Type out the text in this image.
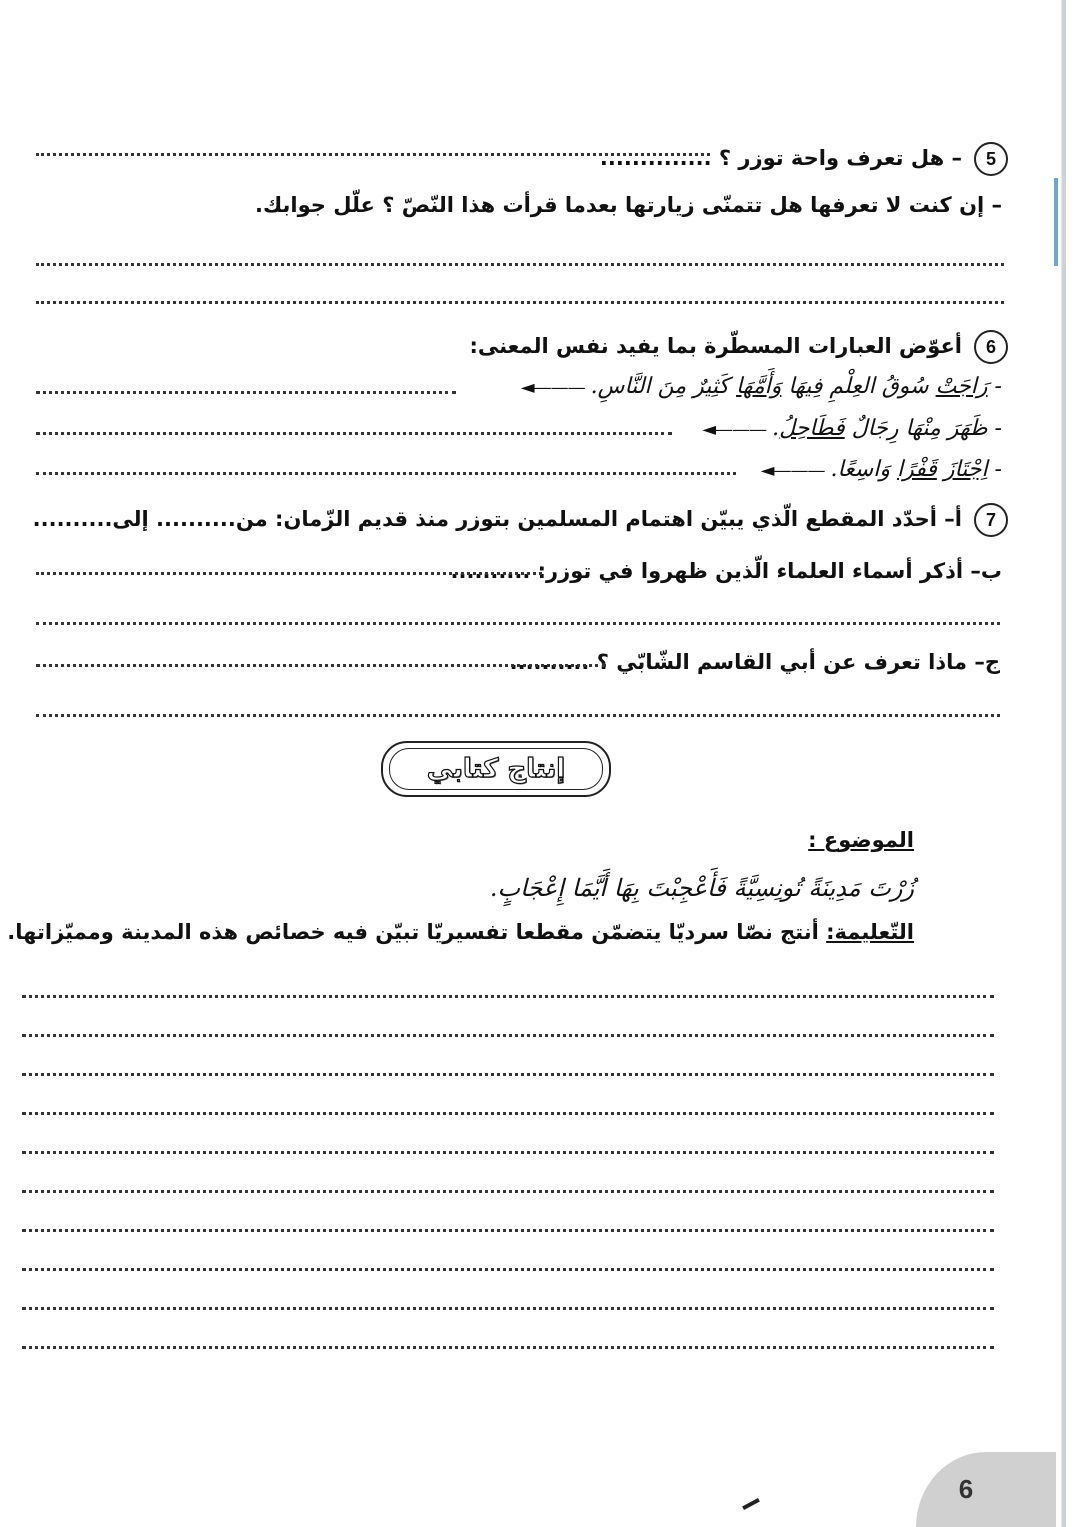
5– هل تعرف واحة توزر ؟ ..............
– إن كنت لا تعرفها هل تتمنّى زيارتها بعدما قرأت هذا النّصّ ؟ علّل جوابك.
6أعوّض العبارات المسطّرة بما يفيد نفس المعنى:
- رَاجَتْ سُوقُ العِلْمِ فِيهَا وَأَمَّهَا كَثِيرٌ مِنَ النَّاسِ.◄———
- ظَهَرَ مِنْهَا رِجَالٌ فَطَاحِلُ.◄———
- اِجْتَازَ قَفْرًا وَاسِعًا.◄———
7أ– أحدّد المقطع الّذي يبيّن اهتمام المسلمين بتوزر منذ قديم الزّمان: من.......... إلى..........
ب– أذكر أسماء العلماء الّذين ظهروا في توزر: ..........
ج– ماذا تعرف عن أبي القاسم الشّابّي ؟ ..........
إنتاج كتابي
الموضوع :
زُرْتَ مَدِينَةً تُونِسِيَّةً فَأَعْجِبْتَ بِهَا أَيَّمَا إِعْجَابٍ.
التّعليمة: أنتج نصّا سرديّا يتضمّن مقطعا تفسيريّا تبيّن فيه خصائص هذه المدينة ومميّزاتها.
6
